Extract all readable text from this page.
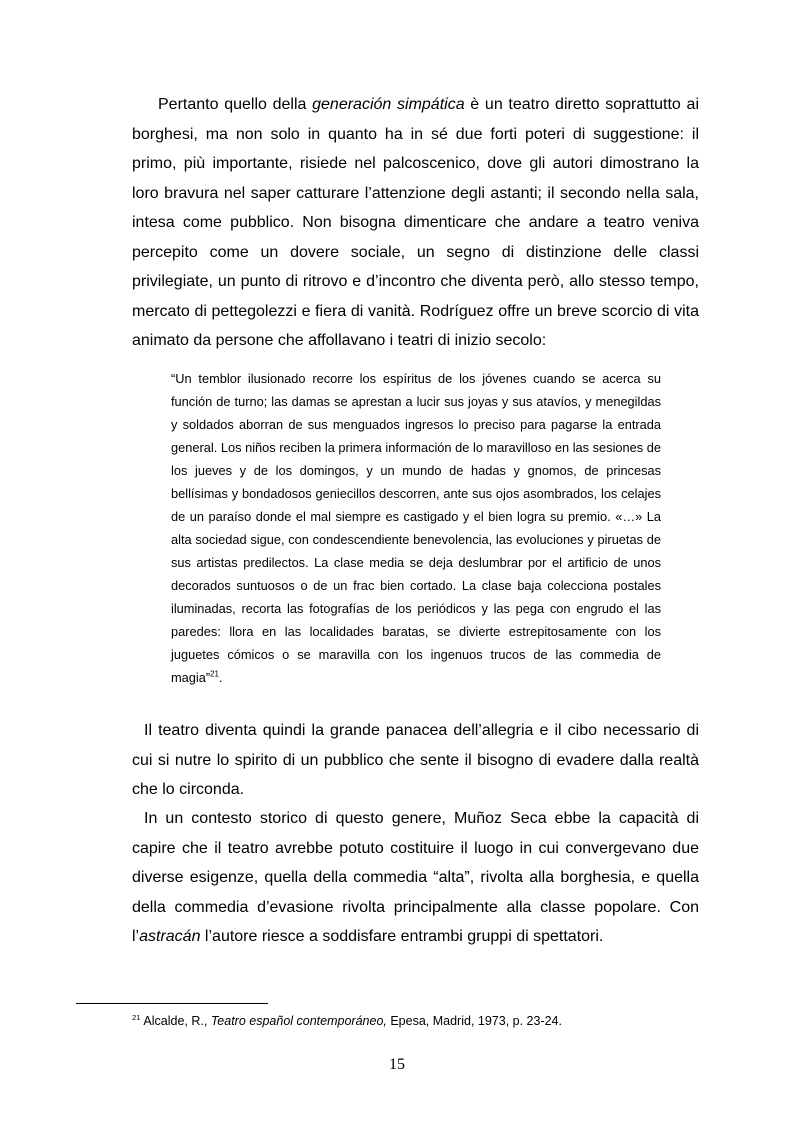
Pertanto quello della generación simpática è un teatro diretto soprattutto ai borghesi, ma non solo in quanto ha in sé due forti poteri di suggestione: il primo, più importante, risiede nel palcoscenico, dove gli autori dimostrano la loro bravura nel saper catturare l’attenzione degli astanti; il secondo nella sala, intesa come pubblico. Non bisogna dimenticare che andare a teatro veniva percepito come un dovere sociale, un segno di distinzione delle classi privilegiate, un punto di ritrovo e d’incontro che diventa però, allo stesso tempo, mercato di pettegolezzi e fiera di vanità. Rodríguez offre un breve scorcio di vita animato da persone che affollavano i teatri di inizio secolo:

“Un temblor ilusionado recorre los espíritus de los jóvenes cuando se acerca su función de turno; las damas se aprestan a lucir sus joyas y sus atavíos, y menegildas y soldados aborran de sus menguados ingresos lo preciso para pagarse la entrada general. Los niños reciben la primera información de lo maravilloso en las sesiones de los jueves y de los domingos, y un mundo de hadas y gnomos, de princesas bellísimas y bondadosos geniecillos descorren, ante sus ojos asombrados, los celajes de un paraíso donde el mal siempre es castigado y el bien logra su premio. «…» La alta sociedad sigue, con condescendiente benevolencia, las evoluciones y piruetas de sus artistas predilectos. La clase media se deja deslumbrar por el artificio de unos decorados suntuosos o de un frac bien cortado. La clase baja colecciona postales iluminadas, recorta las fotografías de los periódicos y las pega con engrudo el las paredes: llora en las localidades baratas, se divierte estrepitosamente con los juguetes cómicos o se maravilla con los ingenuos trucos de las commedia de magia”$^{21}$.

Il teatro diventa quindi la grande panacea dell’allegria e il cibo necessario di cui si nutre lo spirito di un pubblico che sente il bisogno di evadere dalla realtà che lo circonda.

In un contesto storico di questo genere, Muñoz Seca ebbe la capacità di capire che il teatro avrebbe potuto costituire il luogo in cui convergevano due diverse esigenze, quella della commedia “alta”, rivolta alla borghesia, e quella della commedia d’evasione rivolta principalmente alla classe popolare. Con l’astracán l’autore riesce a soddisfare entrambi gruppi di spettatori.

$^{21}$ Alcalde, R., Teatro español contemporáneo, Epesa, Madrid, 1973, p. 23-24.

15
